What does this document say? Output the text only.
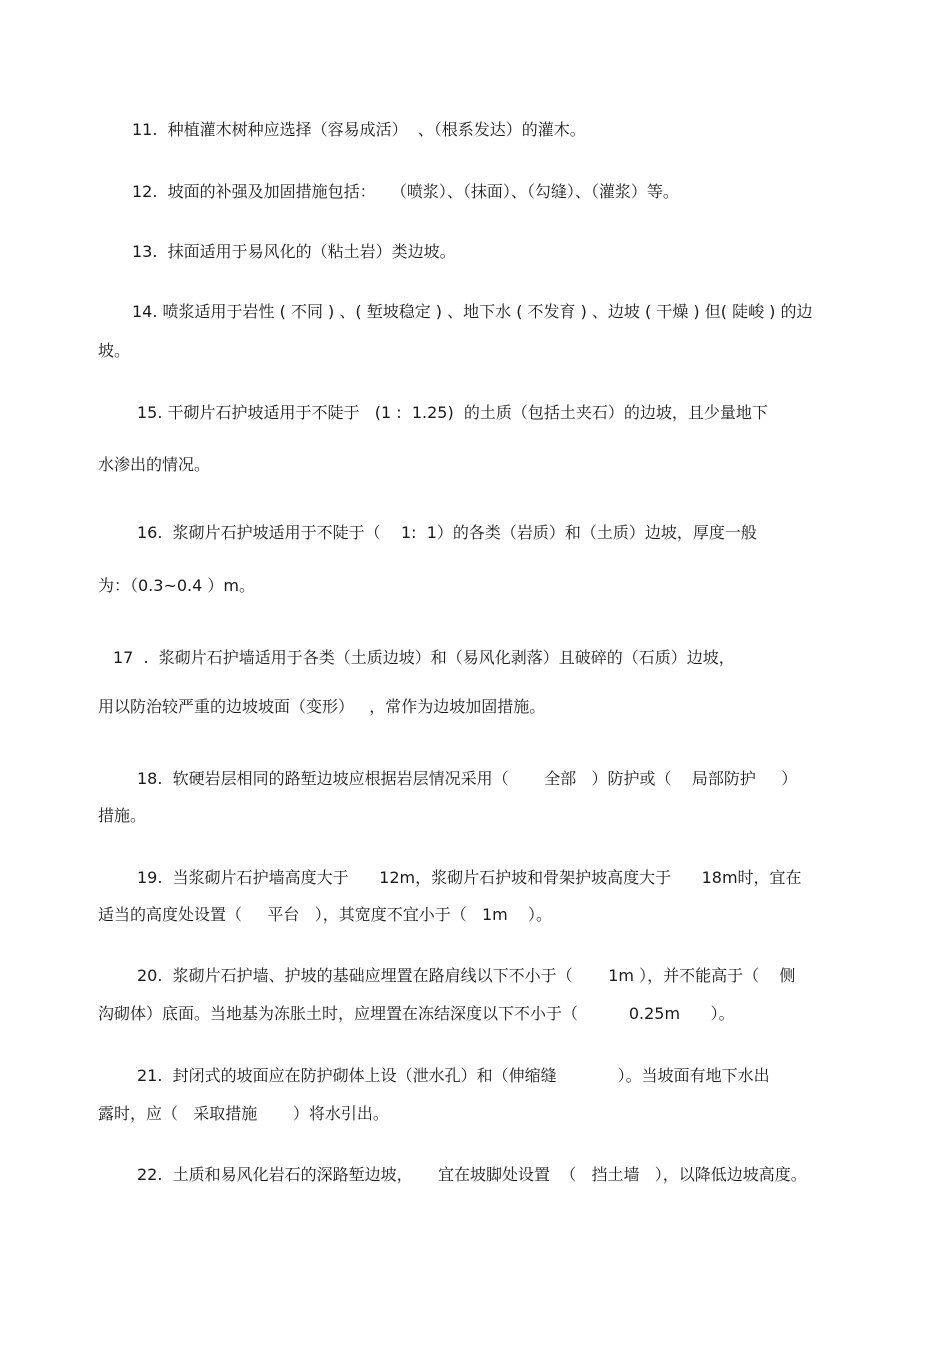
11.  种植灌木树种应选择（容易成活）  、（根系发达）的灌木。
12.  坡面的补强及加固措施包括：   （喷浆）、（抹面）、（勾缝）、（灌浆）等。
13.  抹面适用于易风化的（粘土岩）类边坡。
14. 喷浆适用于岩性 ( 不同 ) 、( 堑坡稳定 ) 、地下水 ( 不发育 ) 、边坡 ( 干燥 ) 但( 陡峻 ) 的边
坡。
15. 干砌片石护坡适用于不陡于   (1 :  1.25)  的土质（包括土夹石）的边坡，且少量地下
水渗出的情况。
16.  浆砌片石护坡适用于不陡于（    1:  1）的各类（岩质）和（土质）边坡，厚度一般
为：（0.3~0.4 ）m。
17  .  浆砌片石护墙适用于各类（土质边坡）和（易风化剥落）且破碎的（石质）边坡，
用以防治较严重的边坡坡面（变形）   ，常作为边坡加固措施。
18.  软硬岩层相同的路堑边坡应根据岩层情况采用（       全部   ）防护或（    局部防护     ）
措施。
19.  当浆砌片石护墙高度大于      12m，浆砌片石护坡和骨架护坡高度大于      18m时，宜在
适当的高度处设置（     平台   ），其宽度不宜小于（   1m    ）。
20.  浆砌片石护墙、护坡的基础应埋置在路肩线以下不小于（       1m ），并不能高于（    侧
沟砌体）底面。当地基为冻胀土时，应埋置在冻结深度以下不小于（          0.25m      ）。
21.  封闭式的坡面应在防护砌体上设（泄水孔）和（伸缩缝            ）。当坡面有地下水出
露时，应（   采取措施       ）将水引出。
22.  土质和易风化岩石的深路堑边坡，     宜在坡脚处设置  （   挡土墙   ），以降低边坡高度。
